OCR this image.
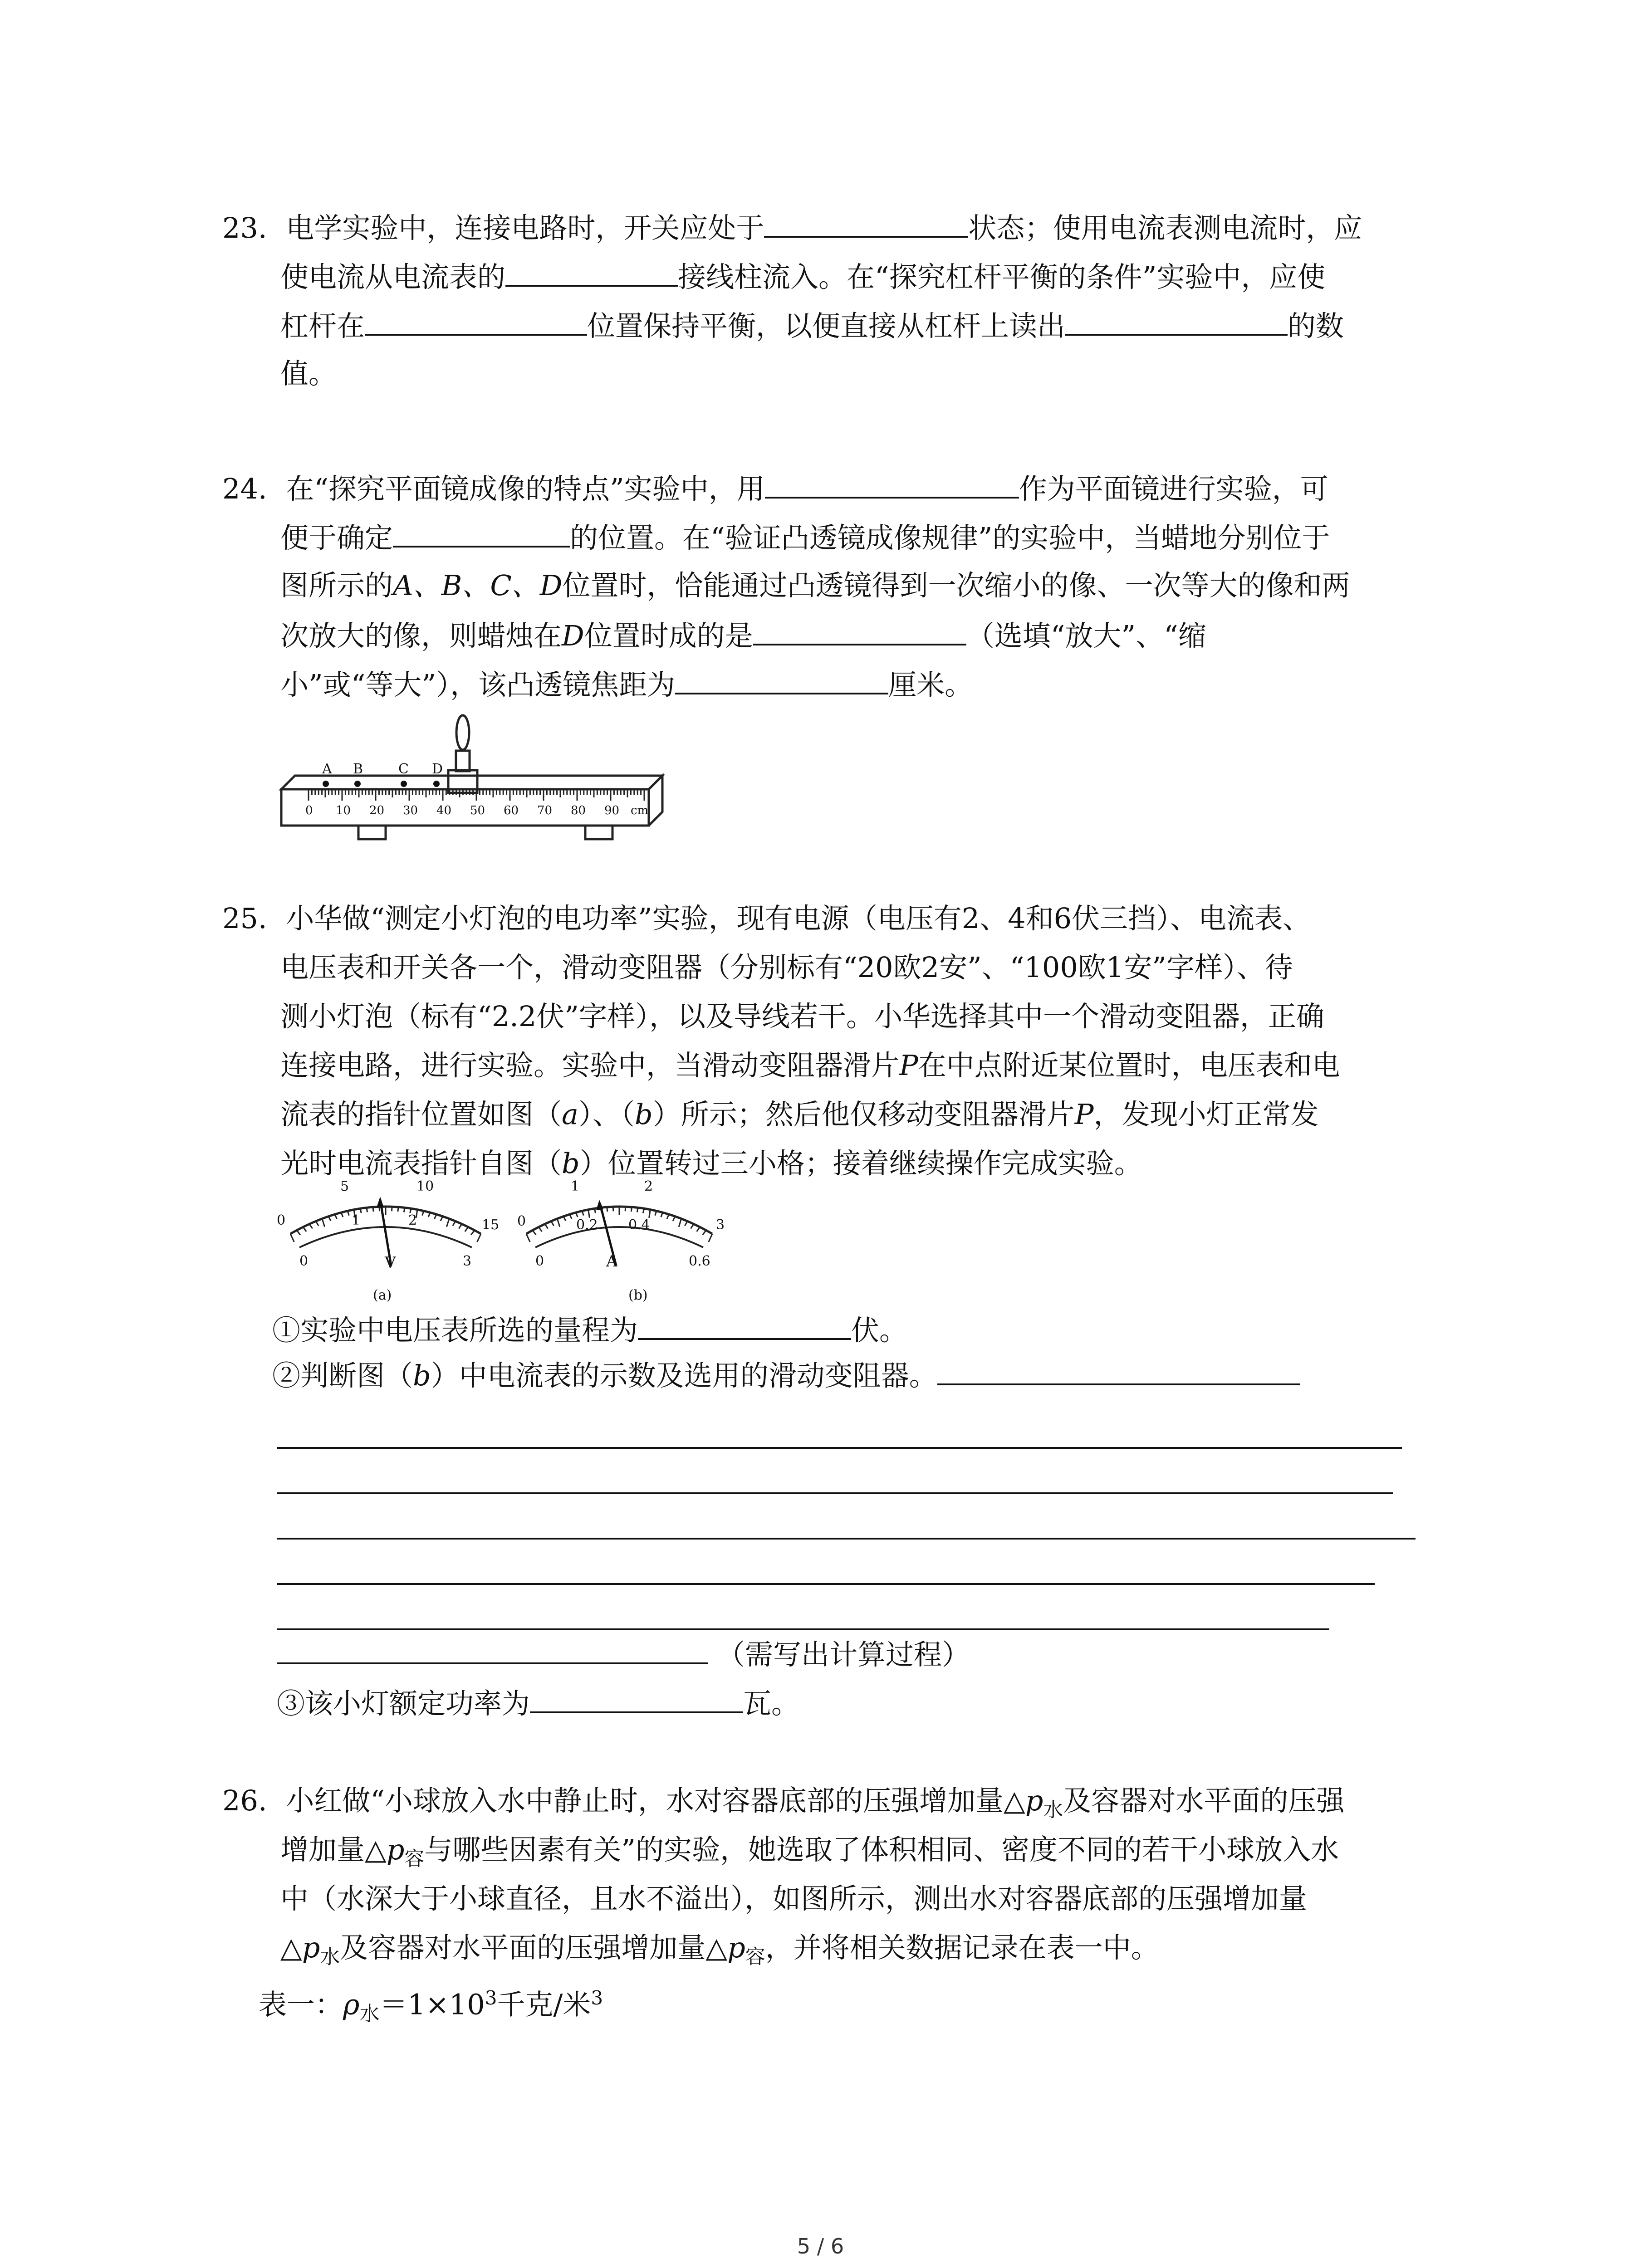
23. 电学实验中，连接电路时，开关应处于	状态；使用电流表测电流时，应
使电流从电流表的	接线柱流入。在“探究杠杆平衡的条件”实验中，应使
杠杆在	位置保持平衡，以便直接从杠杆上读出	的数
值。
24. 在“探究平面镜成像的特点”实验中，用	作为平面镜进行实验，可
便于确定	的位置。在“验证凸透镜成像规律”的实验中，当蜡地分别位于
图所示的A、B、C、D位置时，恰能通过凸透镜得到一次缩小的像、一次等大的像和两
次放大的像，则蜡烛在D位置时成的是	（选填“放大”、“缩
小”或“等大”），该凸透镜焦距为	厘米。
0 10 20 30 40 50 60 70 80 90 cm
A B	C D
25. 小华做“测定小灯泡的电功率”实验，现有电源（电压有2、4和6伏三挡）、电流表、
电压表和开关各一个，滑动变阻器（分别标有“20欧2安”、“100欧1安”字样）、待
测小灯泡（标有“2.2伏”字样），以及导线若干。小华选择其中一个滑动变阻器，正确
连接电路，进行实验。实验中，当滑动变阻器滑片P在中点附近某位置时，电压表和电
流表的指针位置如图（a）、（b）所示；然后他仅移动变阻器滑片P，发现小灯正常发
光时电流表指针自图（b）位置转过三小格；接着继续操作完成实验。
0
5	10
15
0
1	2
3
V
(a)
0
1	2
3
0
0.2 0.4
0.6
A
(b)
①实验中电压表所选的量程为	伏。
②判断图（b）中电流表的示数及选用的滑动变阻器。
（需写出计算过程）
③该小灯额定功率为	瓦。
26. 小红做“小球放入水中静止时，水对容器底部的压强增加量$\triangle p_水$及容器对水平面的压强
增加量$\triangle p_容$与哪些因素有关”的实验，她选取了体积相同、密度不同的若干小球放入水
中（水深大于小球直径，且水不溢出），如图所示，测出水对容器底部的压强增加量
$\triangle p_水$及容器对水平面的压强增加量$\triangle p_容$，并将相关数据记录在表一中。
表一：$\rho_水=1\times 10^3$千克/米$^3$
5 / 6
